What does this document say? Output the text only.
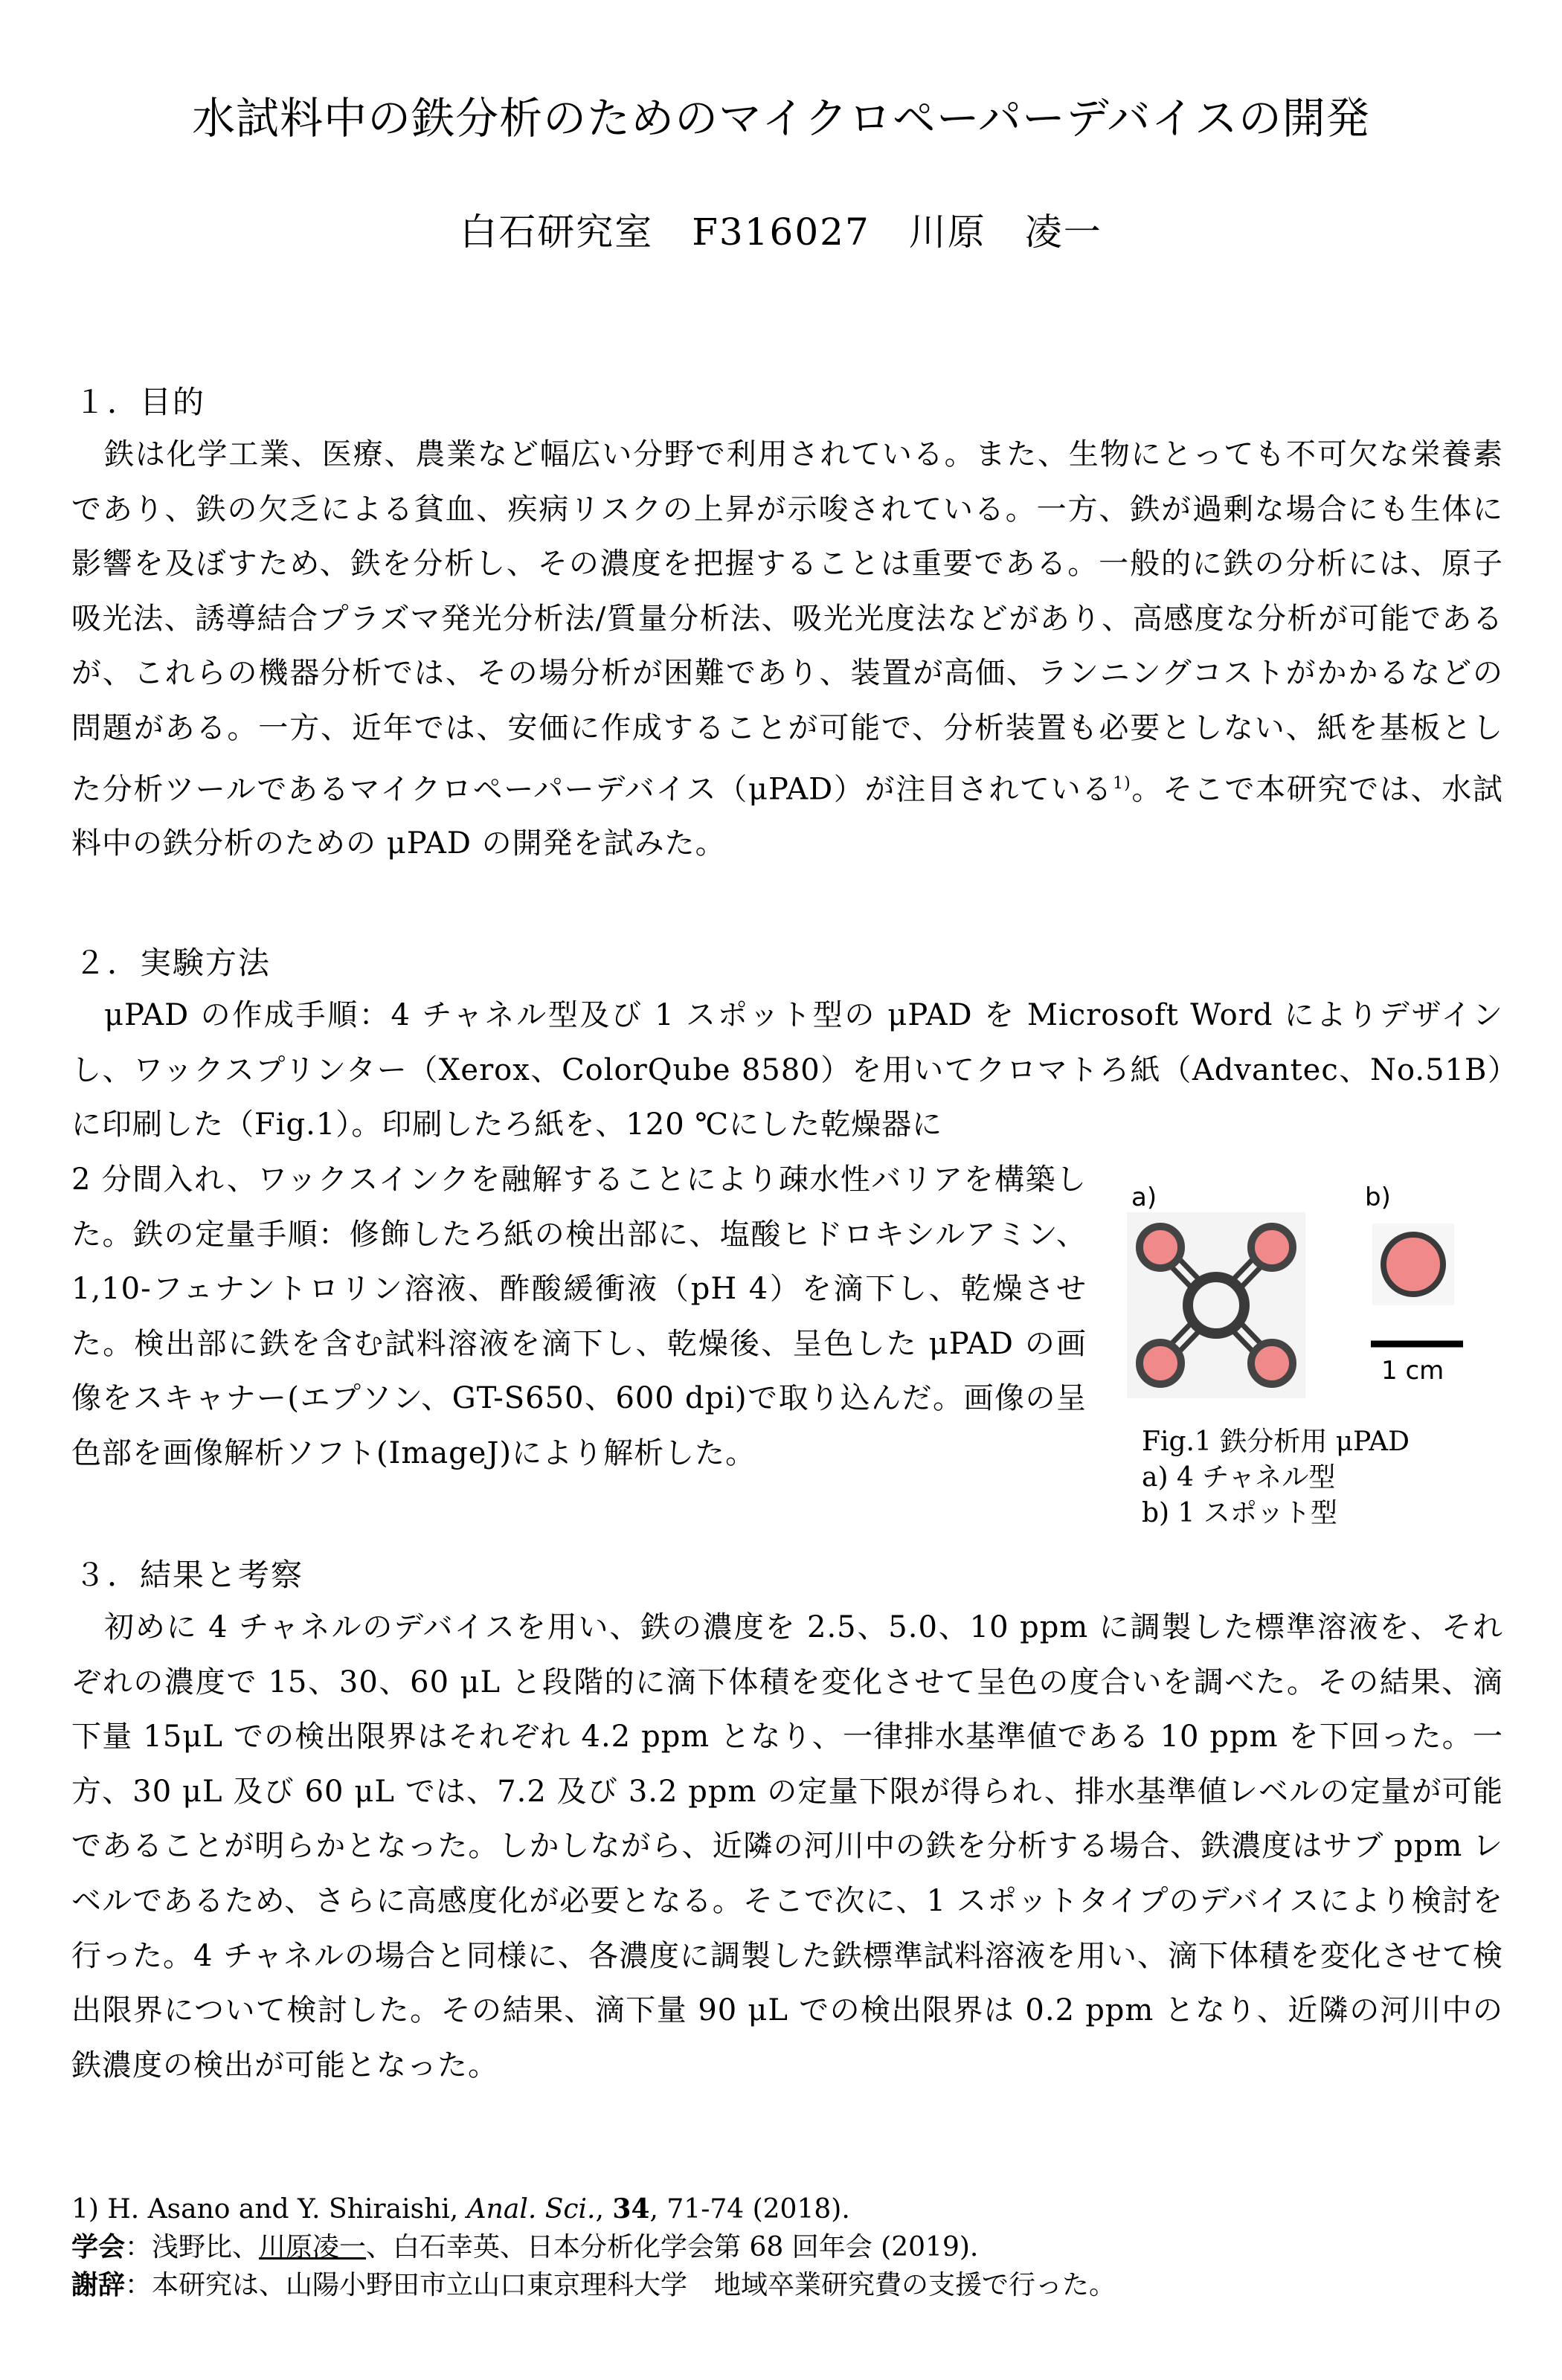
水試料中の鉄分析のためのマイクロペーパーデバイスの開発

白石研究室　F316027　川原　凌一

１．目的

鉄は化学工業、医療、農業など幅広い分野で利用されている。また、生物にとっても不可欠な栄養素であり、鉄の欠乏による貧血、疾病リスクの上昇が示唆されている。一方、鉄が過剰な場合にも生体に影響を及ぼすため、鉄を分析し、その濃度を把握することは重要である。一般的に鉄の分析には、原子吸光法、誘導結合プラズマ発光分析法/質量分析法、吸光光度法などがあり、高感度な分析が可能であるが、これらの機器分析では、その場分析が困難であり、装置が高価、ランニングコストがかかるなどの問題がある。一方、近年では、安価に作成することが可能で、分析装置も必要としない、紙を基板とした分析ツールであるマイクロペーパーデバイス（μPAD）が注目されている$^{1)}$。そこで本研究では、水試料中の鉄分析のための μPAD の開発を試みた。

２．実験方法

μPAD の作成手順：4 チャネル型及び 1 スポット型の μPAD を Microsoft Word によりデザインし、ワックスプリンター（Xerox、ColorQube 8580）を用いてクロマトろ紙（Advantec、No.51B）に印刷した（Fig.1）。印刷したろ紙を、120 ℃にした乾燥器に

2 分間入れ、ワックスインクを融解することにより疎水性バリアを構築した。鉄の定量手順：修飾したろ紙の検出部に、塩酸ヒドロキシルアミン、1,10-フェナントロリン溶液、酢酸緩衝液（pH 4）を滴下し、乾燥させた。検出部に鉄を含む試料溶液を滴下し、乾燥後、呈色した μPAD の画像をスキャナー(エプソン、GT-S650、600 dpi)で取り込んだ。画像の呈色部を画像解析ソフト(ImageJ)により解析した。

a)	b)
1 cm
Fig.1 鉄分析用 μPAD
a) 4 チャネル型
b) 1 スポット型
３．結果と考察

初めに 4 チャネルのデバイスを用い、鉄の濃度を 2.5、5.0、10 ppm に調製した標準溶液を、それぞれの濃度で 15、30、60 μL と段階的に滴下体積を変化させて呈色の度合いを調べた。その結果、滴下量 15μL での検出限界はそれぞれ 4.2 ppm となり、一律排水基準値である 10 ppm を下回った。一方、30 μL 及び 60 μL では、7.2 及び 3.2 ppm の定量下限が得られ、排水基準値レベルの定量が可能であることが明らかとなった。しかしながら、近隣の河川中の鉄を分析する場合、鉄濃度はサブ ppm レベルであるため、さらに高感度化が必要となる。そこで次に、1 スポットタイプのデバイスにより検討を行った。4 チャネルの場合と同様に、各濃度に調製した鉄標準試料溶液を用い、滴下体積を変化させて検出限界について検討した。その結果、滴下量 90 μL での検出限界は 0.2 ppm となり、近隣の河川中の鉄濃度の検出が可能となった。

1) H. Asano and Y. Shiraishi, Anal. Sci., 34, 71-74 (2018).
学会：浅野比、川原凌一、白石幸英、日本分析化学会第 68 回年会 (2019).
謝辞：本研究は、山陽小野田市立山口東京理科大学　地域卒業研究費の支援で行った。
